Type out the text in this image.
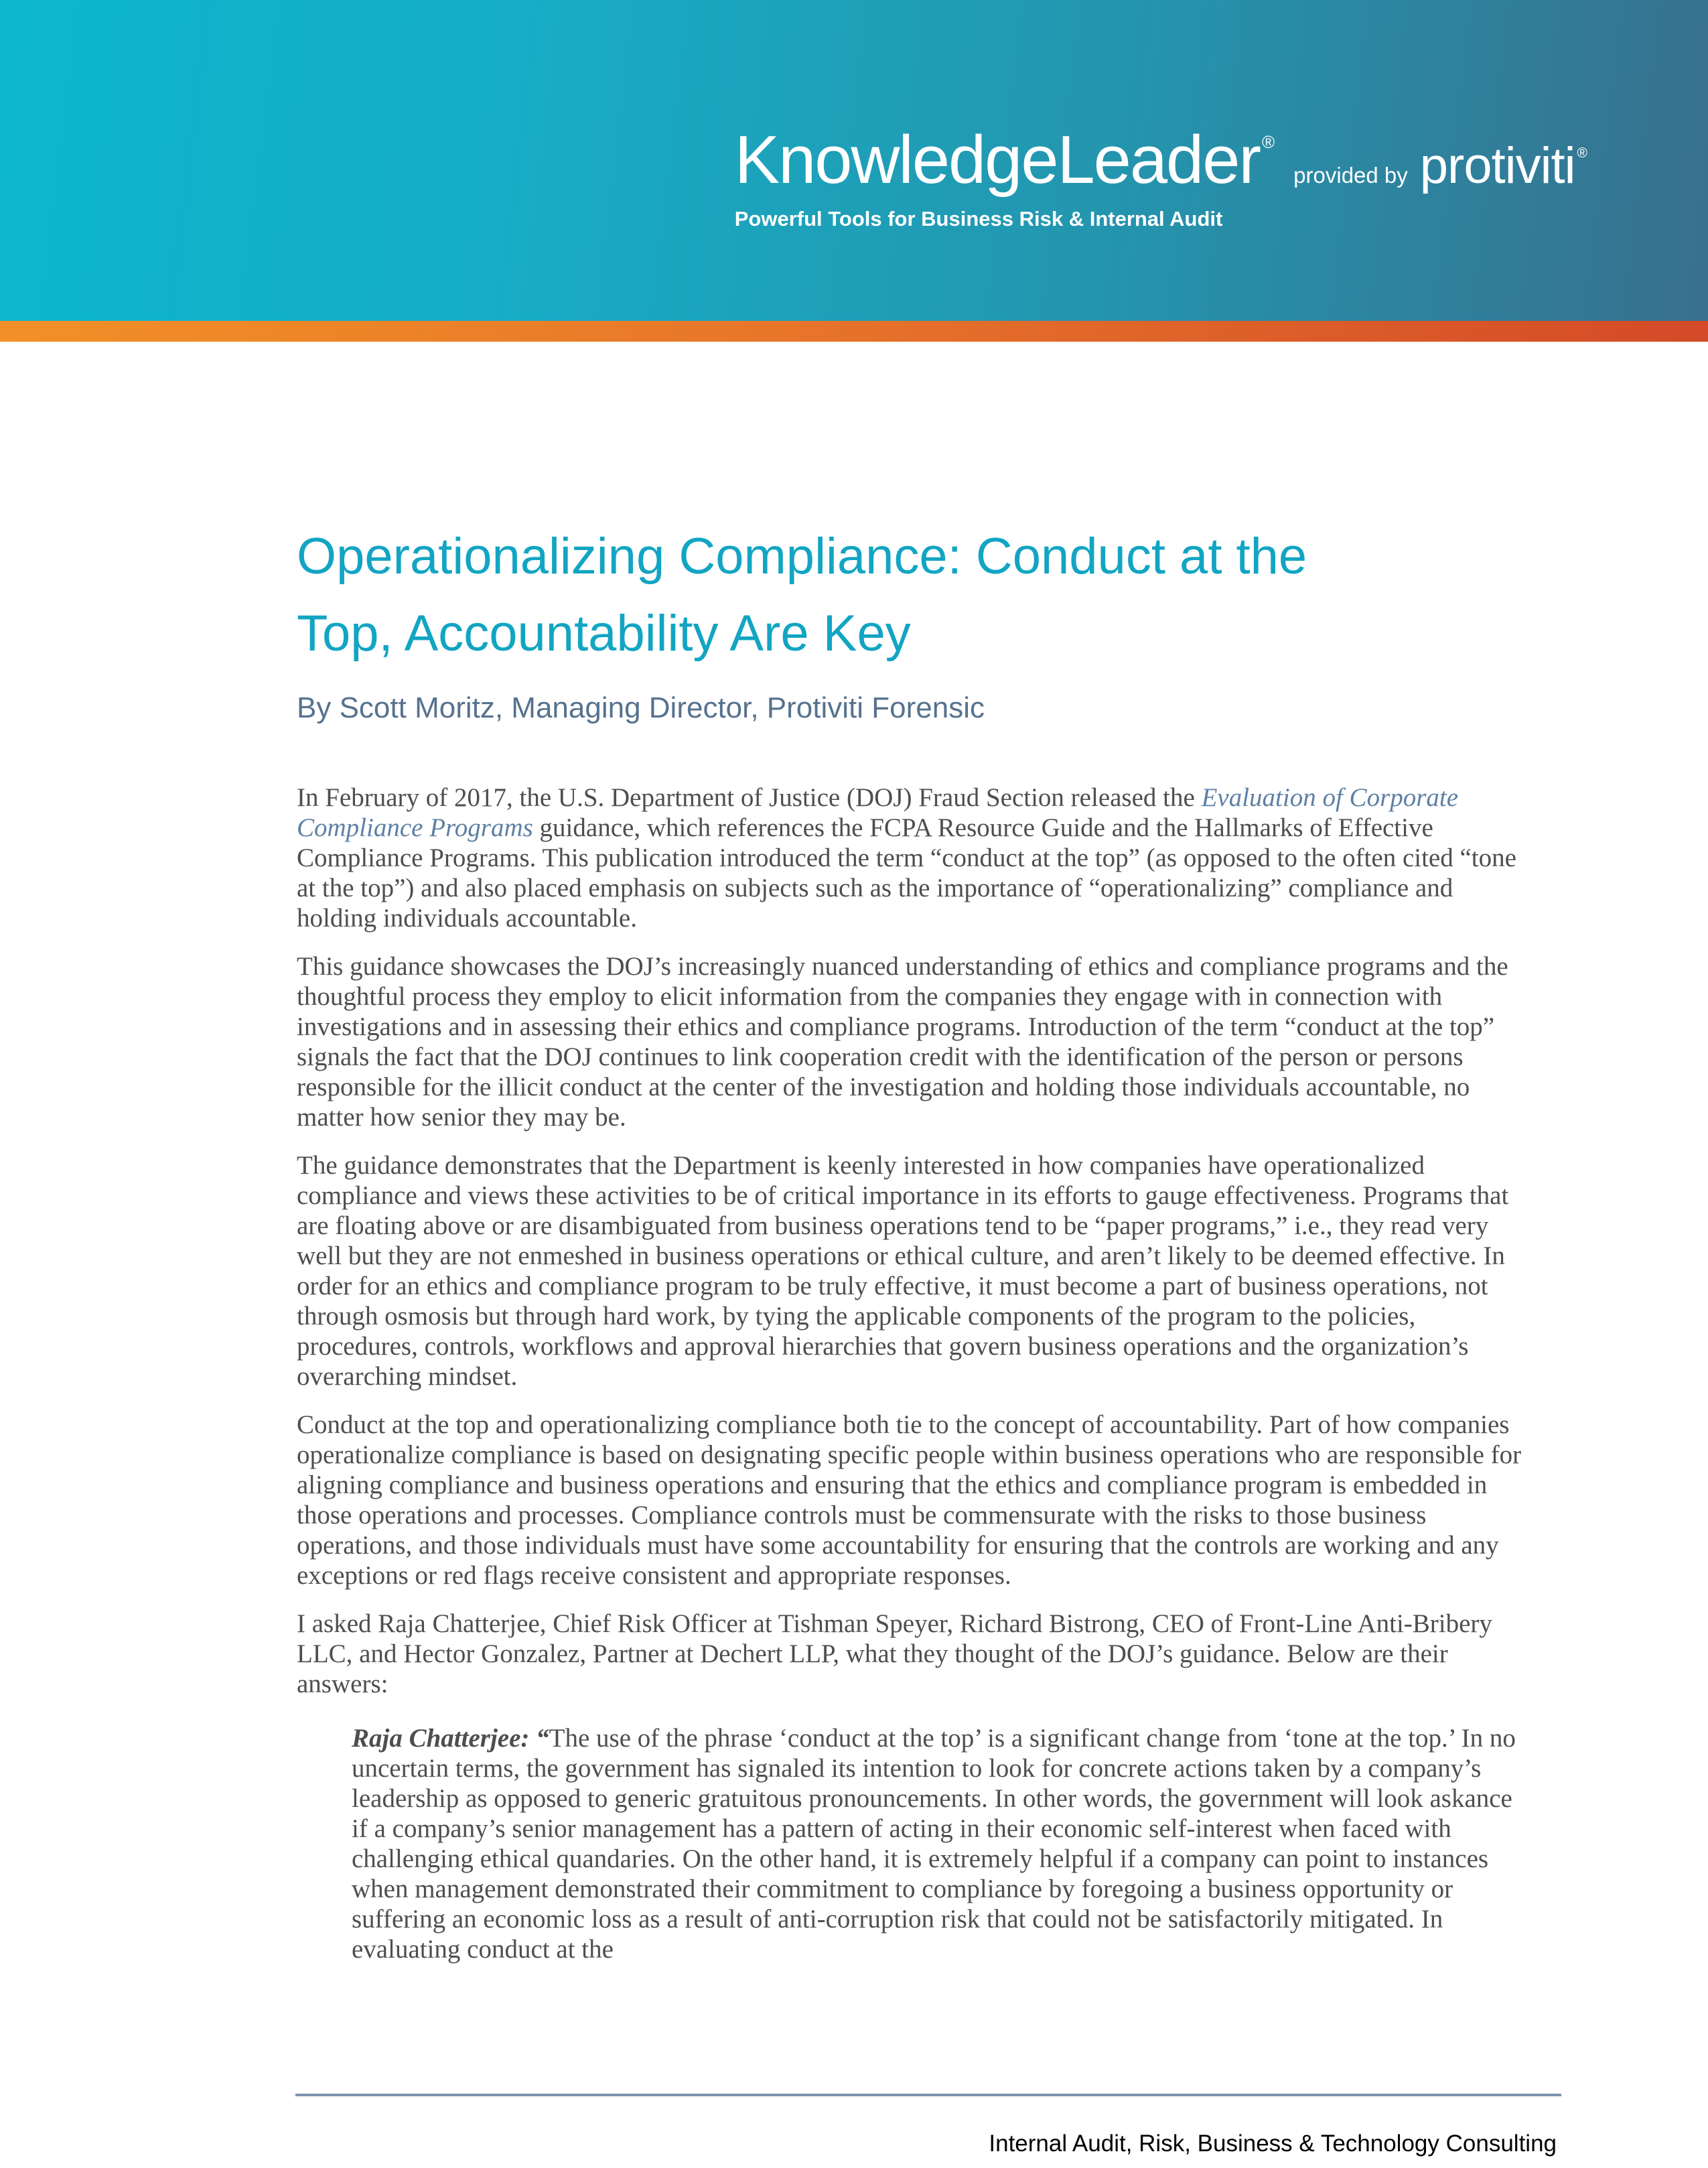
KnowledgeLeader ®
provided by protiviti ®
Powerful Tools for Business Risk & Internal Audit
Operationalizing Compliance: Conduct at the
Top, Accountability Are Key

By Scott Moritz, Managing Director, Protiviti Forensic

In February of 2017, the U.S. Department of Justice (DOJ) Fraud Section released the Evaluation of Corporate Compliance Programs guidance, which references the FCPA Resource Guide and the Hallmarks of Effective Compliance Programs. This publication introduced the term “conduct at the top” (as opposed to the often cited “tone at the top”) and also placed emphasis on subjects such as the importance of “operationalizing” compliance and holding individuals accountable.

This guidance showcases the DOJ’s increasingly nuanced understanding of ethics and compliance programs and the thoughtful process they employ to elicit information from the companies they engage with in connection with investigations and in assessing their ethics and compliance programs. Introduction of the term “conduct at the top” signals the fact that the DOJ continues to link cooperation credit with the identification of the person or persons responsible for the illicit conduct at the center of the investigation and holding those individuals accountable, no matter how senior they may be.

The guidance demonstrates that the Department is keenly interested in how companies have operationalized compliance and views these activities to be of critical importance in its efforts to gauge effectiveness. Programs that are floating above or are disambiguated from business operations tend to be “paper programs,” i.e., they read very well but they are not enmeshed in business operations or ethical culture, and aren’t likely to be deemed effective. In order for an ethics and compliance program to be truly effective, it must become a part of business operations, not through osmosis but through hard work, by tying the applicable components of the program to the policies, procedures, controls, workflows and approval hierarchies that govern business operations and the organization’s overarching mindset.

Conduct at the top and operationalizing compliance both tie to the concept of accountability. Part of how companies operationalize compliance is based on designating specific people within business operations who are responsible for aligning compliance and business operations and ensuring that the ethics and compliance program is embedded in those operations and processes. Compliance controls must be commensurate with the risks to those business operations, and those individuals must have some accountability for ensuring that the controls are working and any exceptions or red flags receive consistent and appropriate responses.

I asked Raja Chatterjee, Chief Risk Officer at Tishman Speyer, Richard Bistrong, CEO of Front-Line Anti-Bribery LLC, and Hector Gonzalez, Partner at Dechert LLP, what they thought of the DOJ’s guidance. Below are their answers:

Raja Chatterjee: “The use of the phrase ‘conduct at the top’ is a significant change from ‘tone at the top.’ In no uncertain terms, the government has signaled its intention to look for concrete actions taken by a company’s leadership as opposed to generic gratuitous pronouncements. In other words, the government will look askance if a company’s senior management has a pattern of acting in their economic self-interest when faced with challenging ethical quandaries. On the other hand, it is extremely helpful if a company can point to instances when management demonstrated their commitment to compliance by foregoing a business opportunity or suffering an economic loss as a result of anti-corruption risk that could not be satisfactorily mitigated. In evaluating conduct at the
Internal Audit, Risk, Business & Technology Consulting
